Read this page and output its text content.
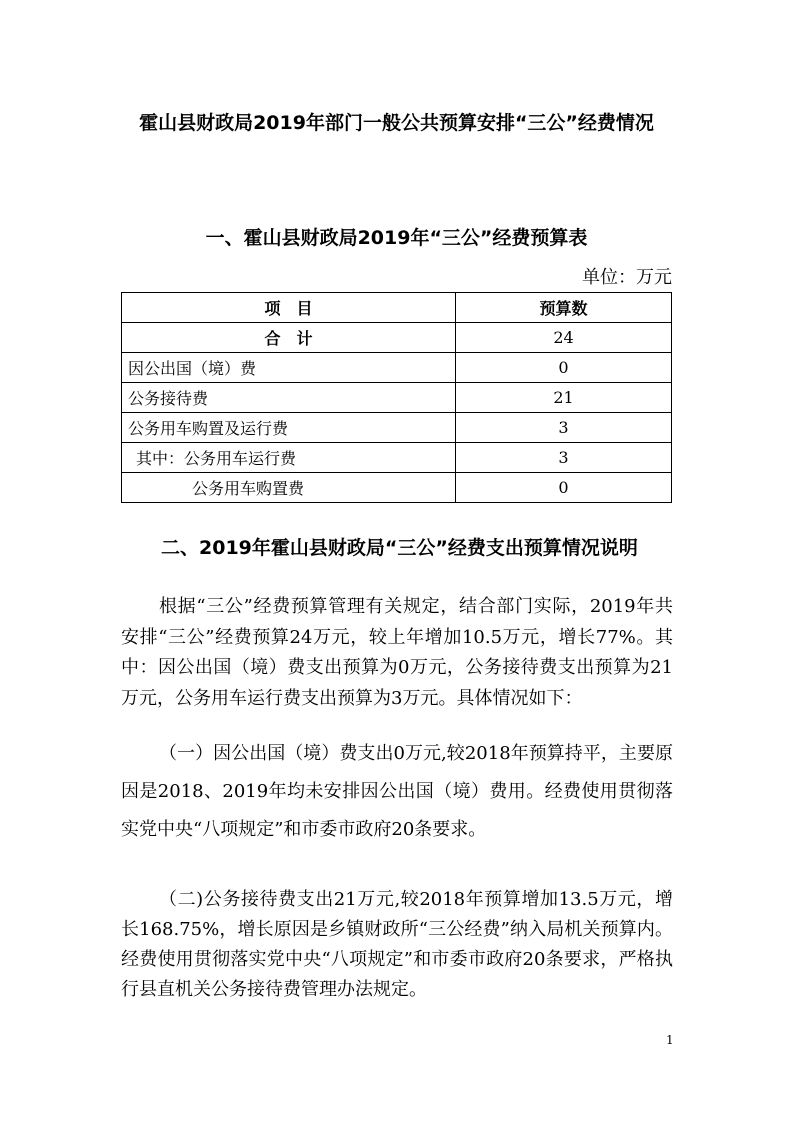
霍山县财政局2019年部门一般公共预算安排“三公”经费情况
一、霍山县财政局2019年“三公”经费预算表
单位：万元
项　目	预算数
合　计	24
因公出国（境）费	0
公务接待费	21
公务用车购置及运行费	3
其中：公务用车运行费	3
公务用车购置费	0
二、2019年霍山县财政局“三公”经费支出预算情况说明
根据“三公”经费预算管理有关规定，结合部门实际，2019年共安排“三公”经费预算24万元，较上年增加10.5万元，增长77%。其中：因公出国（境）费支出预算为0万元，公务接待费支出预算为21万元，公务用车运行费支出预算为3万元。具体情况如下：
（一）因公出国（境）费支出0万元,较2018年预算持平，主要原因是2018、2019年均未安排因公出国（境）费用。经费使用贯彻落实党中央“八项规定”和市委市政府20条要求。
（二)公务接待费支出21万元,较2018年预算增加13.5万元，增长168.75%，增长原因是乡镇财政所“三公经费”纳入局机关预算内。经费使用贯彻落实党中央“八项规定”和市委市政府20条要求，严格执行县直机关公务接待费管理办法规定。
1
